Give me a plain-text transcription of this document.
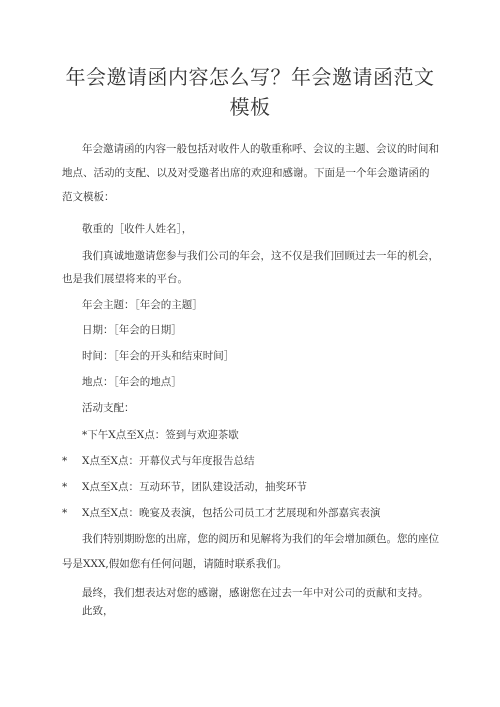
年会邀请函内容怎么写？年会邀请函范文
模板
年会邀请函的内容一般包括对收件人的敬重称呼、会议的主题、会议的时间和
地点、活动的支配、以及对受邀者出席的欢迎和感谢。下面是一个年会邀请函的
范文模板：
敬重的［收件人姓名］，
我们真诚地邀请您参与我们公司的年会，这不仅是我们回顾过去一年的机会，
也是我们展望将来的平台。
年会主题：［年会的主题］
日期：［年会的日期］
时间：［年会的开头和结束时间］
地点：［年会的地点］
活动支配：
*下午X点至X点：签到与欢迎茶歇
* X点至X点：开幕仪式与年度报告总结
* X点至X点：互动环节，团队建设活动，抽奖环节
* X点至X点：晚宴及表演，包括公司员工才艺展现和外部嘉宾表演
我们特别期盼您的出席，您的阅历和见解将为我们的年会增加颜色。您的座位
号是XXX,假如您有任何问题，请随时联系我们。
最终，我们想表达对您的感谢，感谢您在过去一年中对公司的贡献和支持。
此致，
